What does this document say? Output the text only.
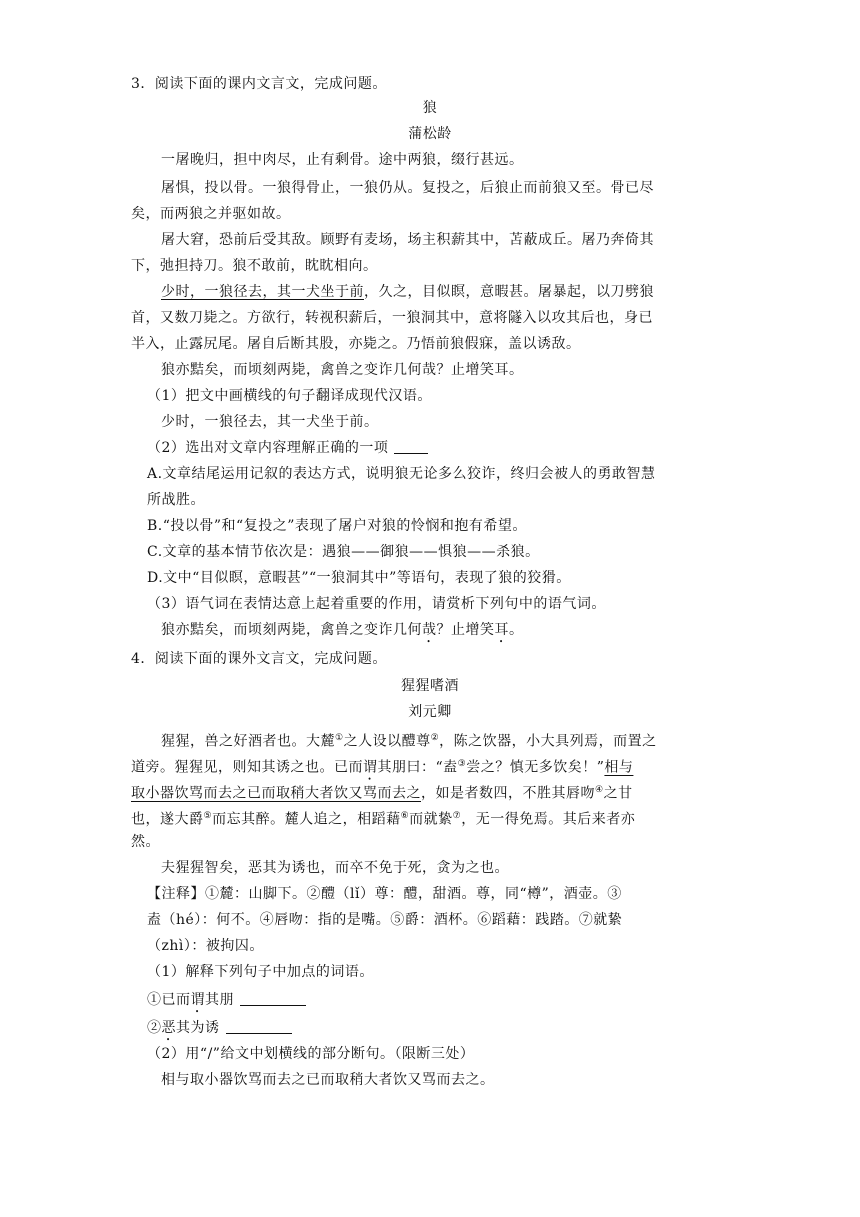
3．阅读下面的课内文言文，完成问题。
狼
蒲松龄
一屠晚归，担中肉尽，止有剩骨。途中两狼，缀行甚远。
屠惧，投以骨。一狼得骨止，一狼仍从。复投之，后狼止而前狼又至。骨已尽
矣，而两狼之并驱如故。
屠大窘，恐前后受其敌。顾野有麦场，场主积薪其中，苫蔽成丘。屠乃奔倚其
下，弛担持刀。狼不敢前，眈眈相向。
少时，一狼径去，其一犬坐于前，久之，目似瞑，意暇甚。屠暴起，以刀劈狼
首，又数刀毙之。方欲行，转视积薪后，一狼洞其中，意将隧入以攻其后也，身已
半入，止露尻尾。屠自后断其股，亦毙之。乃悟前狼假寐，盖以诱敌。
狼亦黠矣，而顷刻两毙，禽兽之变诈几何哉？止增笑耳。
（1）把文中画横线的句子翻译成现代汉语。
少时，一狼径去，其一犬坐于前。
（2）选出对文章内容理解正确的一项
A.文章结尾运用记叙的表达方式，说明狼无论多么狡诈，终归会被人的勇敢智慧
所战胜。
B.“投以骨”和“复投之”表现了屠户对狼的怜悯和抱有希望。
C.文章的基本情节依次是：遇狼——御狼——惧狼——杀狼。
D.文中“目似瞑，意暇甚”“一狼洞其中”等语句，表现了狼的狡猾。
（3）语气词在表情达意上起着重要的作用，请赏析下列句中的语气词。
狼亦黠矣，而顷刻两毙，禽兽之变诈几何哉？止增笑耳。
4．阅读下面的课外文言文，完成问题。
猩猩嗜酒
刘元卿
猩猩，兽之好酒者也。大麓①之人设以醴尊②，陈之饮器，小大具列焉，而置之
道旁。猩猩见，则知其诱之也。已而谓其朋曰：“盍③尝之？慎无多饮矣！”相与
取小器饮骂而去之已而取稍大者饮又骂而去之，如是者数四，不胜其唇吻④之甘
也，遂大爵⑤而忘其醉。麓人追之，相蹈藉⑥而就絷⑦，无一得免焉。其后来者亦
然。
夫猩猩智矣，恶其为诱也，而卒不免于死，贪为之也。
【注释】①麓：山脚下。②醴（lǐ）尊：醴，甜酒。尊，同“樽”，酒壶。③
盍（hé）：何不。④唇吻：指的是嘴。⑤爵：酒杯。⑥蹈藉：践踏。⑦就絷
（zhì）：被拘囚。
（1）解释下列句子中加点的词语。
①已而谓其朋
②恶其为诱
（2）用“/”给文中划横线的部分断句。（限断三处）
相与取小器饮骂而去之已而取稍大者饮又骂而去之。
